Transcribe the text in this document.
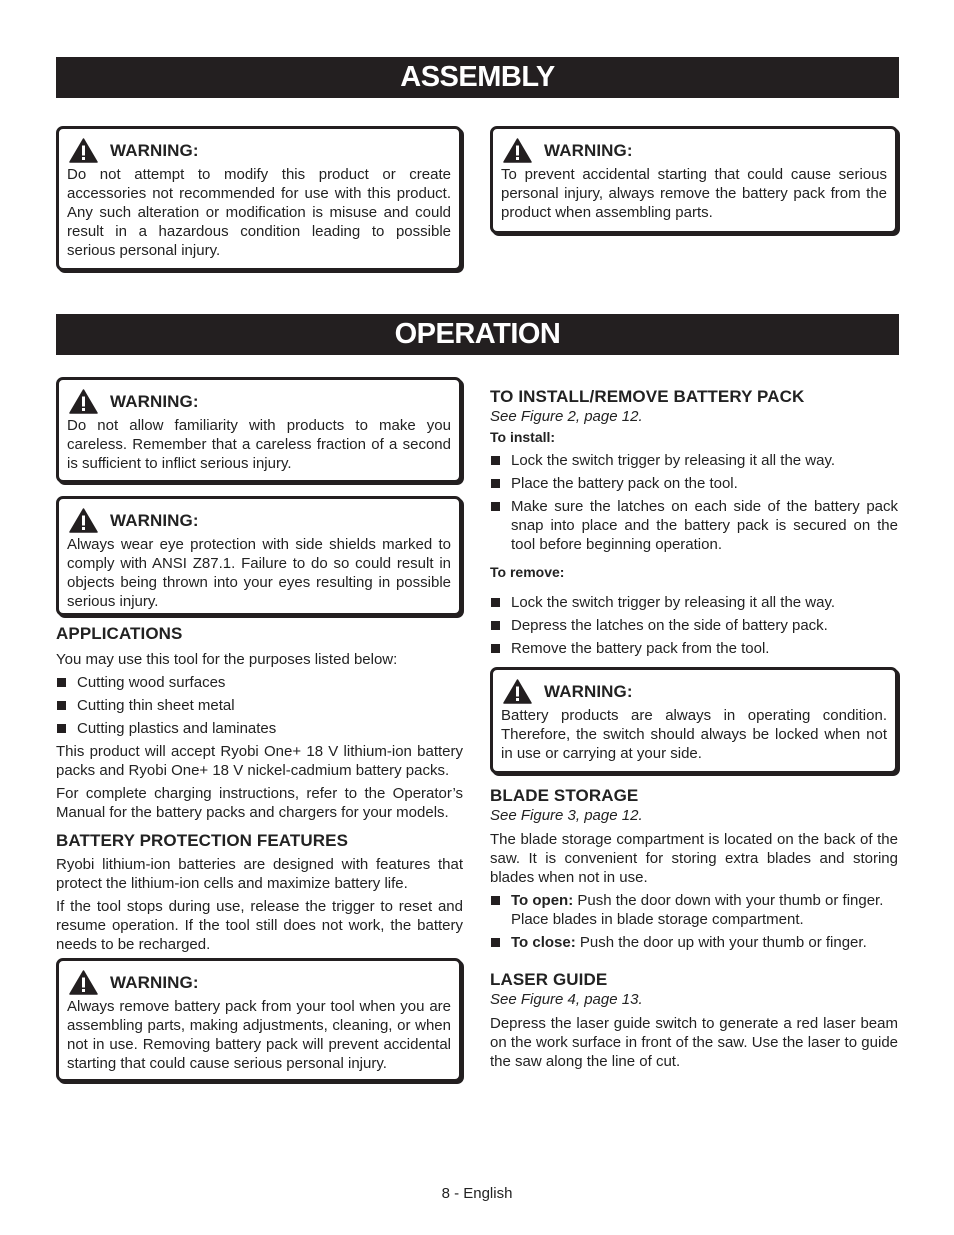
ASSEMBLY
WARNING:
Do not attempt to modify this product or create accessories not recommended for use with this product. Any such alteration or modification is misuse and could result in a hazardous condition leading to possible serious personal injury.
WARNING:
To prevent accidental starting that could cause serious personal injury, always remove the battery pack from the product when assembling parts.
OPERATION
WARNING:
Do not allow familiarity with products to make you careless. Remember that a careless fraction of a second is sufficient to inflict serious injury.
WARNING:
Always wear eye protection with side shields marked to comply with ANSI Z87.1. Failure to do so could result in objects being thrown into your eyes resulting in possible serious injury.
APPLICATIONS

You may use this tool for the purposes listed below:

Cutting wood surfaces
Cutting thin sheet metal
Cutting plastics and laminates

This product will accept Ryobi One+ 18 V lithium-ion battery packs and Ryobi One+ 18 V nickel-cadmium battery packs.

For complete charging instructions, refer to the Operator’s Manual for the battery packs and chargers for your models.

BATTERY PROTECTION FEATURES

Ryobi lithium-ion batteries are designed with features that protect the lithium-ion cells and maximize battery life.

If the tool stops during use, release the trigger to reset and resume operation. If the tool still does not work, the battery needs to be recharged.

WARNING:
Always remove battery pack from your tool when you are assembling parts, making adjustments, cleaning, or when not in use. Removing battery pack will prevent accidental starting that could cause serious personal injury.
TO INSTALL/REMOVE BATTERY PACK
See Figure 2, page 12.
To install:
Lock the switch trigger by releasing it all the way.
Place the battery pack on the tool.
Make sure the latches on each side of the battery pack snap into place and the battery pack is secured on the tool before beginning operation.
To remove:
Lock the switch trigger by releasing it all the way.
Depress the latches on the side of battery pack.
Remove the battery pack from the tool.
WARNING:
Battery products are always in operating condition. Therefore, the switch should always be locked when not in use or carrying at your side.
BLADE STORAGE
See Figure 3, page 12.

The blade storage compartment is located on the back of the saw. It is convenient for storing extra blades and storing blades when not in use.

To open: Push the door down with your thumb or finger. Place blades in blade storage compartment.
To close: Push the door up with your thumb or finger.
LASER GUIDE
See Figure 4, page 13.

Depress the laser guide switch to generate a red laser beam on the work surface in front of the saw. Use the laser to guide the saw along the line of cut.

8 - English
